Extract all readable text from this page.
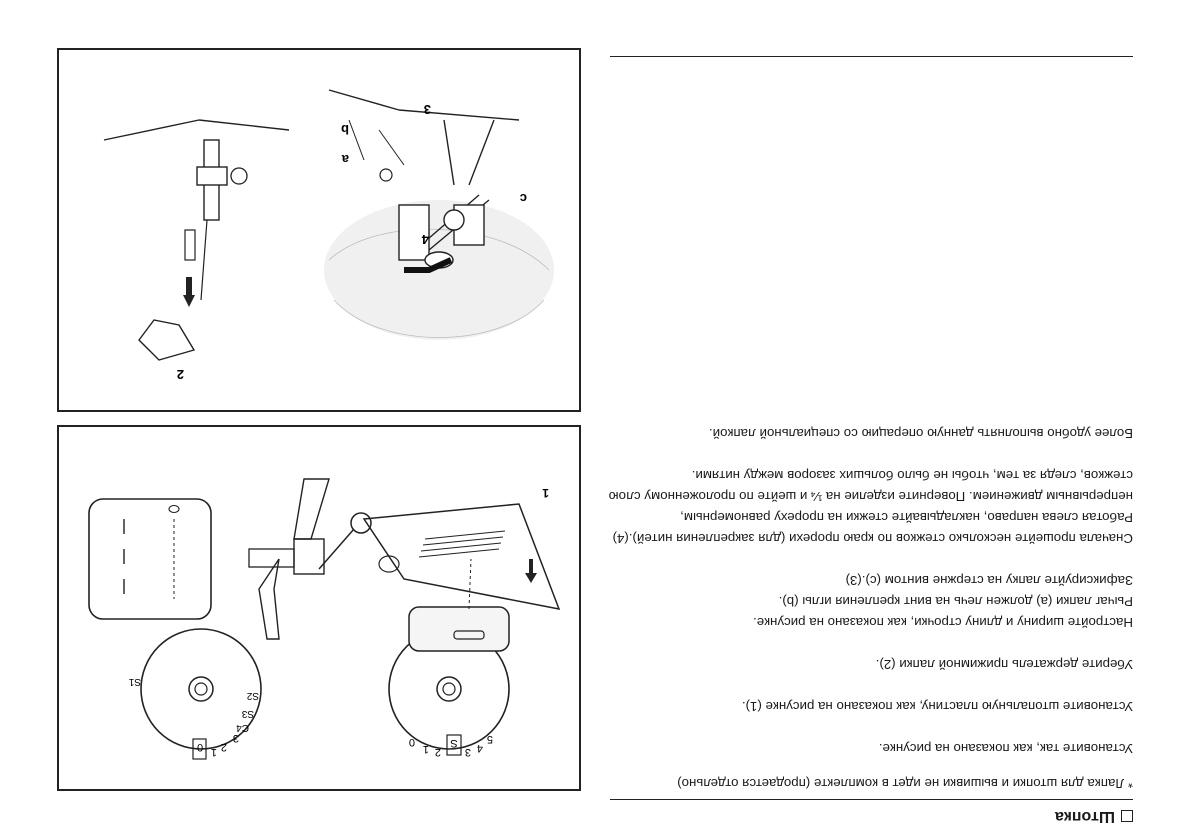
Штопка

* Лапка для штопки и вышивки не идет в комплекте (продается отдельно)

Установите так, как показано на рисунке.

Установите штопальную пластину, как показано на рисунке (1).

Уберите держатель прижимной лапки (2).

Настройте ширину и длину строчки, как показано на рисунке.

Рычаг лапки (a) должен лечь на винт крепления иглы (b).

Зафиксируйте лапку на стержне винтом (c).(3)

Сначала прошейте несколько стежков по краю прорехи (для закрепления нитей).(4)

Работая слева направо, накладывайте стежки на прореху равномерным, непрерывным движением. Поверните изделие на ¼ и шейте по проложенному слою стежков, следя за тем, чтобы не было больших зазоров между нитями.

Более удобно выполнять данную операцию со специальной лапкой.

S	5
4
3
2
1
0
0
S2
S3
C4
3
2
1
S1
1
3
4
c
b
a
2
